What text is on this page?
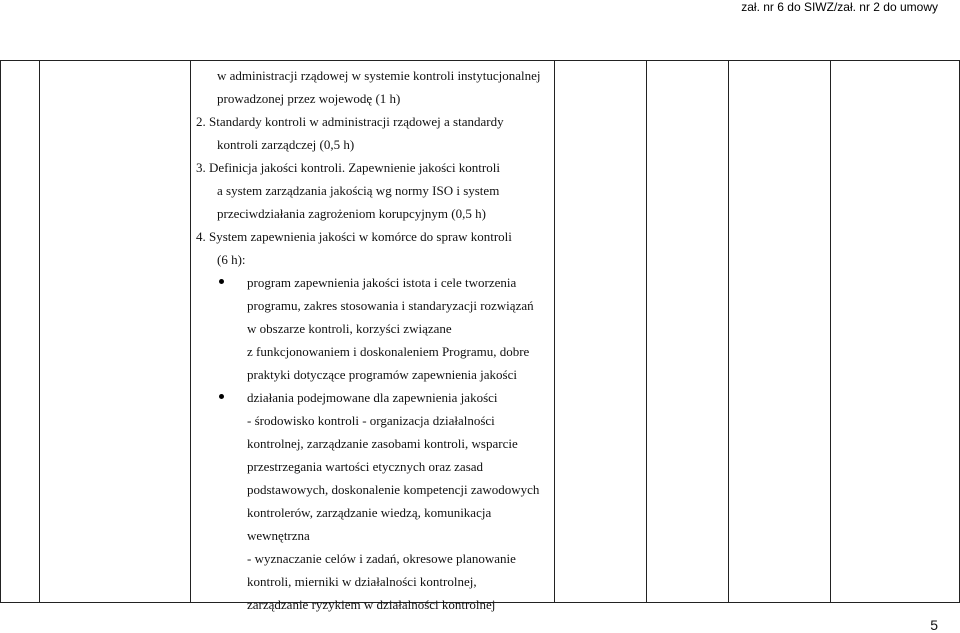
zał. nr 6 do SIWZ/zał. nr 2 do umowy
w administracji rządowej w systemie kontroli instytucjonalnej
prowadzonej przez wojewodę (1 h)
2. Standardy kontroli w administracji rządowej a standardy
kontroli zarządczej (0,5 h)
3. Definicja jakości kontroli. Zapewnienie jakości kontroli
a system zarządzania jakością wg normy ISO i system
przeciwdziałania zagrożeniom korupcyjnym (0,5 h)
4. System zapewnienia jakości w komórce do spraw kontroli
(6 h):
program zapewnienia jakości istota i cele tworzenia
programu, zakres stosowania i standaryzacji rozwiązań
w obszarze kontroli, korzyści związane
z funkcjonowaniem i doskonaleniem Programu, dobre
praktyki dotyczące programów zapewnienia jakości
działania podejmowane dla zapewnienia jakości
- środowisko kontroli - organizacja działalności
kontrolnej, zarządzanie zasobami kontroli, wsparcie
przestrzegania wartości etycznych oraz zasad
podstawowych, doskonalenie kompetencji zawodowych
kontrolerów, zarządzanie wiedzą, komunikacja
wewnętrzna
- wyznaczanie celów i zadań, okresowe planowanie
kontroli, mierniki w działalności kontrolnej,
zarządzanie ryzykiem w działalności kontrolnej
5
